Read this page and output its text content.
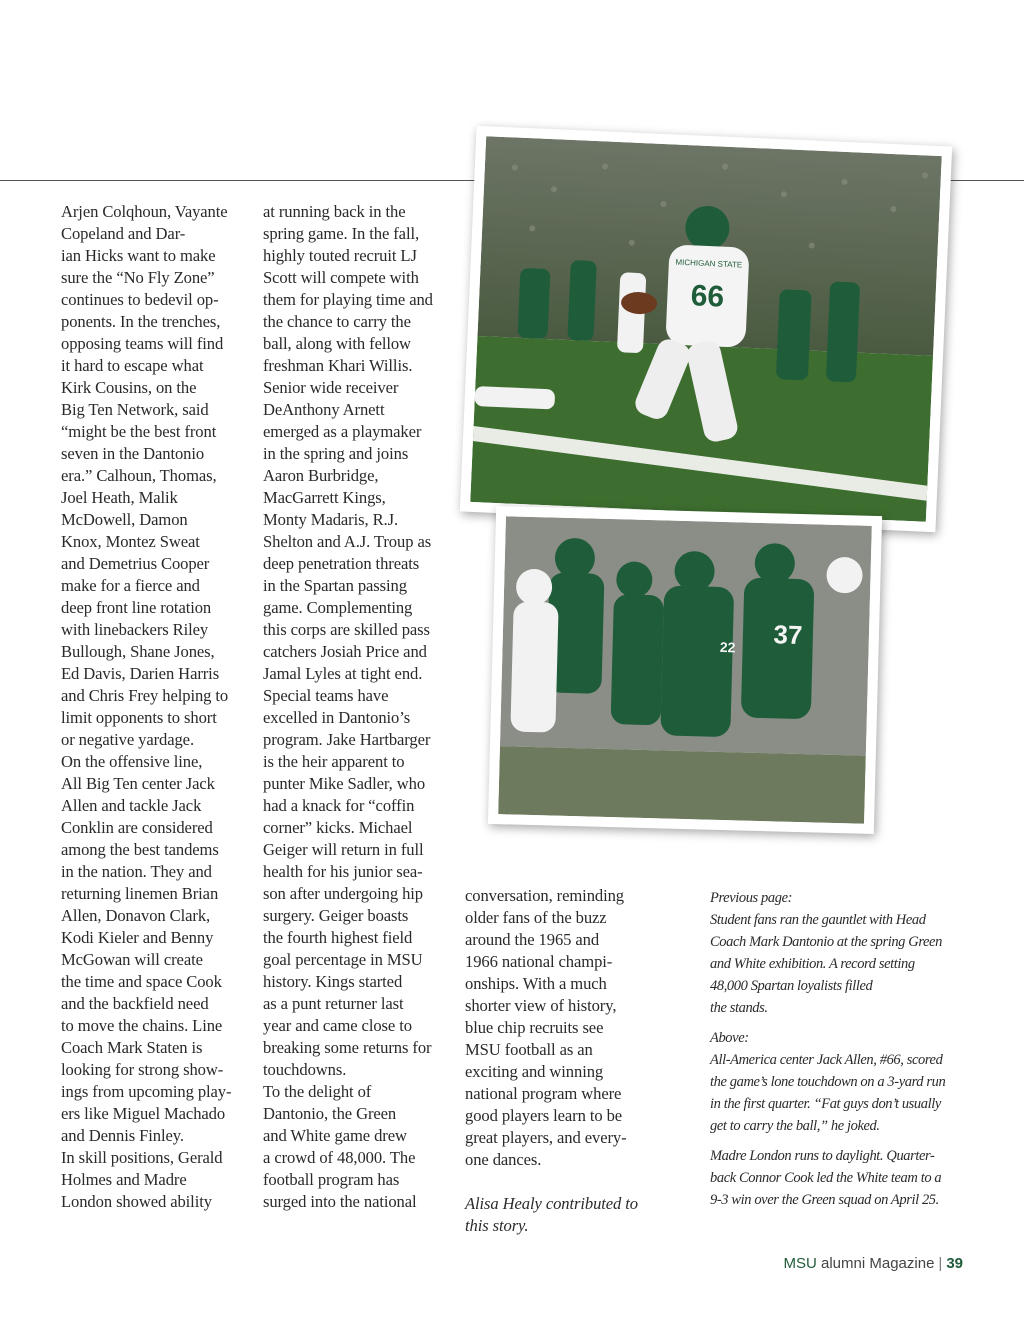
Arjen Colqhoun, Vayante
Copeland and Dar-
ian Hicks want to make
sure the “No Fly Zone”
continues to bedevil op-
ponents. In the trenches,
opposing teams will find
it hard to escape what
Kirk Cousins, on the
Big Ten Network, said
“might be the best front
seven in the Dantonio
era.” Calhoun, Thomas,
Joel Heath, Malik
McDowell, Damon
Knox, Montez Sweat
and Demetrius Cooper
make for a fierce and
deep front line rotation
with linebackers Riley
Bullough, Shane Jones,
Ed Davis, Darien Harris
and Chris Frey helping to
limit opponents to short
or negative yardage.
On the offensive line,
All Big Ten center Jack
Allen and tackle Jack
Conklin are considered
among the best tandems
in the nation. They and
returning linemen Brian
Allen, Donavon Clark,
Kodi Kieler and Benny
McGowan will create
the time and space Cook
and the backfield need
to move the chains. Line
Coach Mark Staten is
looking for strong show-
ings from upcoming play-
ers like Miguel Machado
and Dennis Finley.
In skill positions, Gerald
Holmes and Madre
London showed ability
at running back in the
spring game. In the fall,
highly touted recruit LJ
Scott will compete with
them for playing time and
the chance to carry the
ball, along with fellow
freshman Khari Willis.
Senior wide receiver
DeAnthony Arnett
emerged as a playmaker
in the spring and joins
Aaron Burbridge,
MacGarrett Kings,
Monty Madaris, R.J.
Shelton and A.J. Troup as
deep penetration threats
in the Spartan passing
game. Complementing
this corps are skilled pass
catchers Josiah Price and
Jamal Lyles at tight end.
Special teams have
excelled in Dantonio’s
program. Jake Hartbarger
is the heir apparent to
punter Mike Sadler, who
had a knack for “coffin
corner” kicks. Michael
Geiger will return in full
health for his junior sea-
son after undergoing hip
surgery. Geiger boasts
the fourth highest field
goal percentage in MSU
history. Kings started
as a punt returner last
year and came close to
breaking some returns for
touchdowns.
To the delight of
Dantonio, the Green
and White game drew
a crowd of 48,000. The
football program has
surged into the national

conversation, reminding
older fans of the buzz
around the 1965 and
1966 national champi-
onships. With a much
shorter view of history,
blue chip recruits see
MSU football as an
exciting and winning
national program where
good players learn to be
great players, and every-
one dances.

Alisa Healy contributed to
this story.

MICHIGAN STATE
66
37
22

Previous page:
Student fans ran the gauntlet with Head
Coach Mark Dantonio at the spring Green
and White exhibition. A record setting
48,000 Spartan loyalists filled
the stands.

Above:
All-America center Jack Allen, #66, scored
the game’s lone touchdown on a 3-yard run
in the first quarter. “Fat guys don’t usually
get to carry the ball,” he joked.

Madre London runs to daylight. Quarter-
back Connor Cook led the White team to a
9-3 win over the Green squad on April 25.

MSU alumni Magazine | 39
